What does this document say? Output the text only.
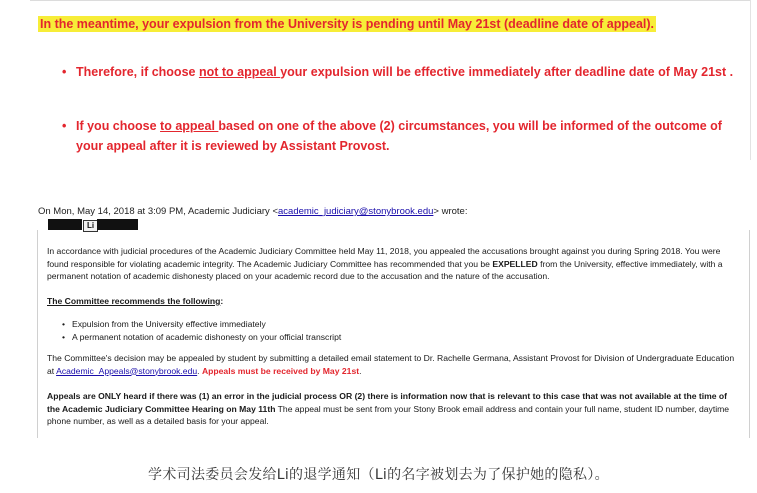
In the meantime, your expulsion from the University is pending until May 21st (deadline date of appeal).
• Therefore, if choose not to appeal your expulsion will be effective immediately after deadline date of May 21st .
• If you choose to appeal based on one of the above (2) circumstances, you will be informed of the outcome of your appeal after it is reviewed by Assistant Provost.
On Mon, May 14, 2018 at 3:09 PM, Academic Judiciary <academic_judiciary@stonybrook.edu> wrote:
Li
In accordance with judicial procedures of the Academic Judiciary Committee held May 11, 2018, you appealed the accusations brought against you during Spring 2018. You were found responsible for violating academic integrity. The Academic Judiciary Committee has recommended that you be EXPELLED from the University, effective immediately, with a permanent notation of academic dishonesty placed on your academic record due to the accusation and the nature of the accusation.
The Committee recommends the following:
• Expulsion from the University effective immediately
• A permanent notation of academic dishonesty on your official transcript
The Committee's decision may be appealed by student by submitting a detailed email statement to Dr. Rachelle Germana, Assistant Provost for Division of Undergraduate Education at Academic_Appeals@stonybrook.edu. Appeals must be received by May 21st.
Appeals are ONLY heard if there was (1) an error in the judicial process OR (2) there is information now that is relevant to this case that was not available at the time of the Academic Judiciary Committee Hearing on May 11th The appeal must be sent from your Stony Brook email address and contain your full name, student ID number, daytime phone number, as well as a detailed basis for your appeal.
学术司法委员会发给Li的退学通知（Li的名字被划去为了保护她的隐私）。
